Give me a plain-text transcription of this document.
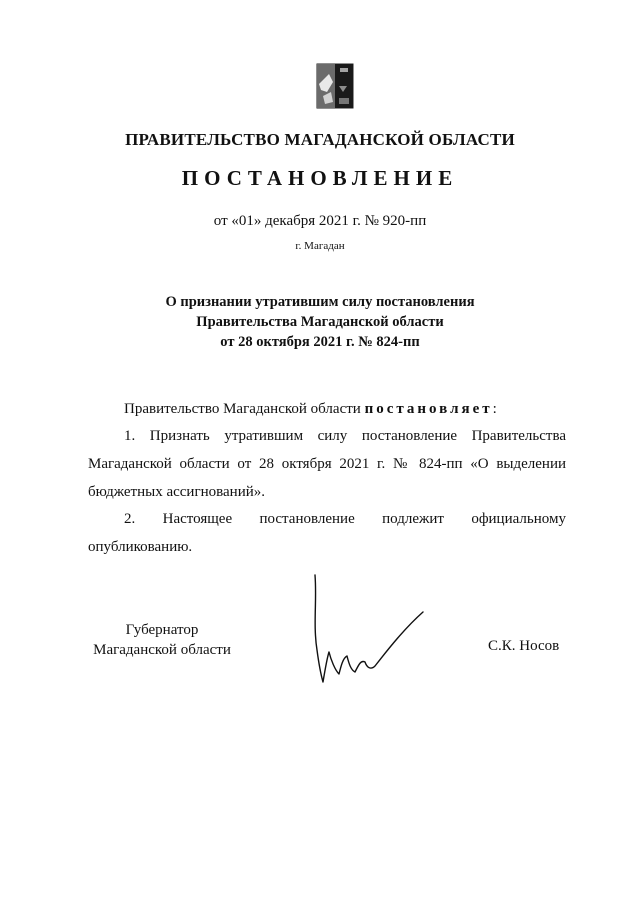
ПРАВИТЕЛЬСТВО МАГАДАНСКОЙ ОБЛАСТИ
ПОСТАНОВЛЕНИЕ
от «01» декабря 2021 г. № 920-пп
г. Магадан
О признании утратившим силу постановления
Правительства Магаданской области
от 28 октября 2021 г. № 824-пп
Правительство Магаданской области постановляет:
1. Признать утратившим силу постановление Правительства Магаданской области от 28 октября 2021 г. № 824-пп «О выделении бюджетных ассигнований».
2. Настоящее постановление подлежит официальному
опубликованию.
Губернатор
Магаданской области	С.К. Носов
